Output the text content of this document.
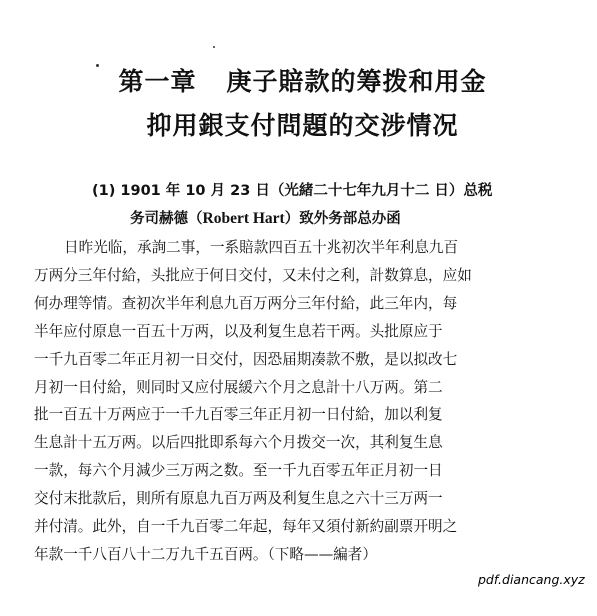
第一章 庚子賠款的筹拨和用金
抑用銀支付問題的交涉情况
(1) 1901 年 10 月 23 日（光緒二十七年九月十二 日）总税
务司赫德（Robert Hart）致外务部总办函
日昨光临，承詢二事，一系賠款四百五十兆初次半年利息九百
万两分三年付給，头批应于何日交付，又未付之利，計数算息，应如
何办理等情。查初次半年利息九百万两分三年付給，此三年内，每
半年应付原息一百五十万两，以及利复生息若干两。头批原应于
一千九百零二年正月初一日交付，因恐届期凑款不敷，是以拟改七
月初一日付給，则同时又应付展緩六个月之息計十八万两。第二
批一百五十万两应于一千九百零三年正月初一日付給，加以利复
生息計十五万两。以后四批即系每六个月拨交一次，其利复生息
一款，每六个月減少三万两之数。至一千九百零五年正月初一日
交付末批款后，則所有原息九百万两及利复生息之六十三万两一
并付清。此外，自一千九百零二年起，每年又須付新約副票开明之
年款一千八百八十二万九千五百两。（下略——編者）
pdf.diancang.xyz
